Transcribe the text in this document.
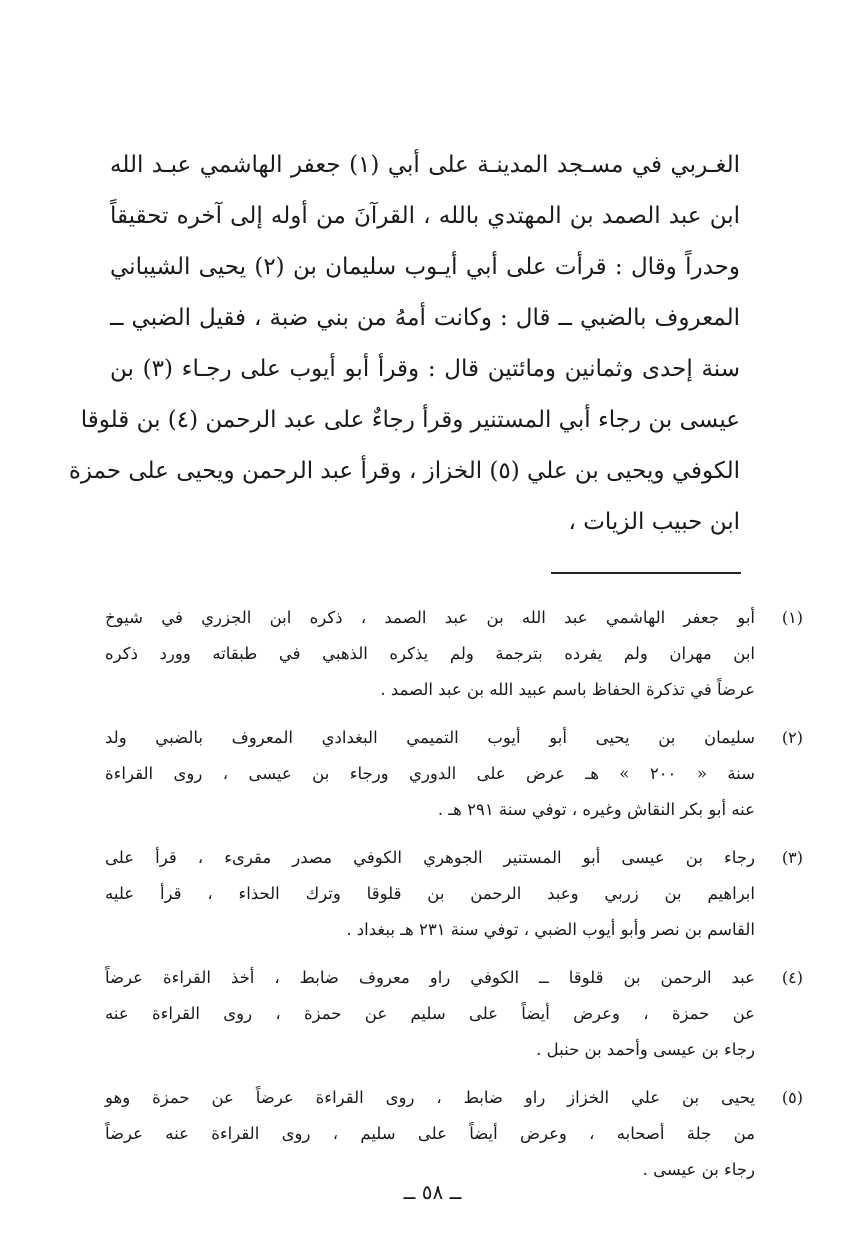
الغـربي في مسـجد المدينـة على أبي (١) جعفر الهاشمي عبـد الله
ابن عبد الصمد بن المهتدي بالله ، القرآنَ من أوله إلى آخره تحقيقاً
وحدراً وقال : قرأت على أبي أيـوب سليمان بن (٢) يحيى الشيباني
المعروف بالضبي ــ قال : وكانت أمهُ من بني ضبة ، فقيل الضبي ــ
سنة إحدى وثمانين ومائتين قال : وقرأ أبو أيوب على رجـاء (٣) بن
عيسى بن رجاء أبي المستنير وقرأ رجاءٌ على عبد الرحمن (٤) بن قلوقا
الكوفي ويحيى بن علي (٥) الخزاز ، وقرأ عبد الرحمن ويحيى على حمزة
ابن حبيب الزيات ،
(١)
أبو جعفر الهاشمي عبد الله بن عبد الصمد ، ذكره ابن الجزري في شيوخ
ابن مهران ولم يفرده بترجمة ولم يذكره الذهبي في طبقاته وورد ذكره
عرضاً في تذكرة الحفاظ باسم عبيد الله بن عبد الصمد .
(٢)
سليمان بن يحيى أبو أيوب التميمي البغدادي المعروف بالضبي ولد
سنة « ٢٠٠ » هـ عرض على الدوري ورجاء بن عيسى ، روى القراءة
عنه أبو بكر النقاش وغيره ، توفي سنة ٢٩١ هـ .
(٣)
رجاء بن عيسى أبو المستنير الجوهري الكوفي مصدر مقرىء ، قرأ على
ابراهيم بن زربي وعبد الرحمن بن قلوقا وترك الحذاء ، قرأ عليه
القاسم بن نصر وأبو أيوب الضبي ، توفي سنة ٢٣١ هـ ببغداد .
(٤)
عبد الرحمن بن قلوقا ــ الكوفي راو معروف ضابط ، أخذ القراءة عرضاً
عن حمزة ، وعرض أيضاً على سليم عن حمزة ، روى القراءة عنه
رجاء بن عيسى وأحمد بن حنبل .
(٥)
يحيى بن علي الخزاز راو ضابط ، روى القراءة عرضاً عن حمزة وهو
من جلة أصحابه ، وعرض أيضاً على سليم ، روى القراءة عنه عرضاً
رجاء بن عيسى .
ــ ٥٨ ــ
